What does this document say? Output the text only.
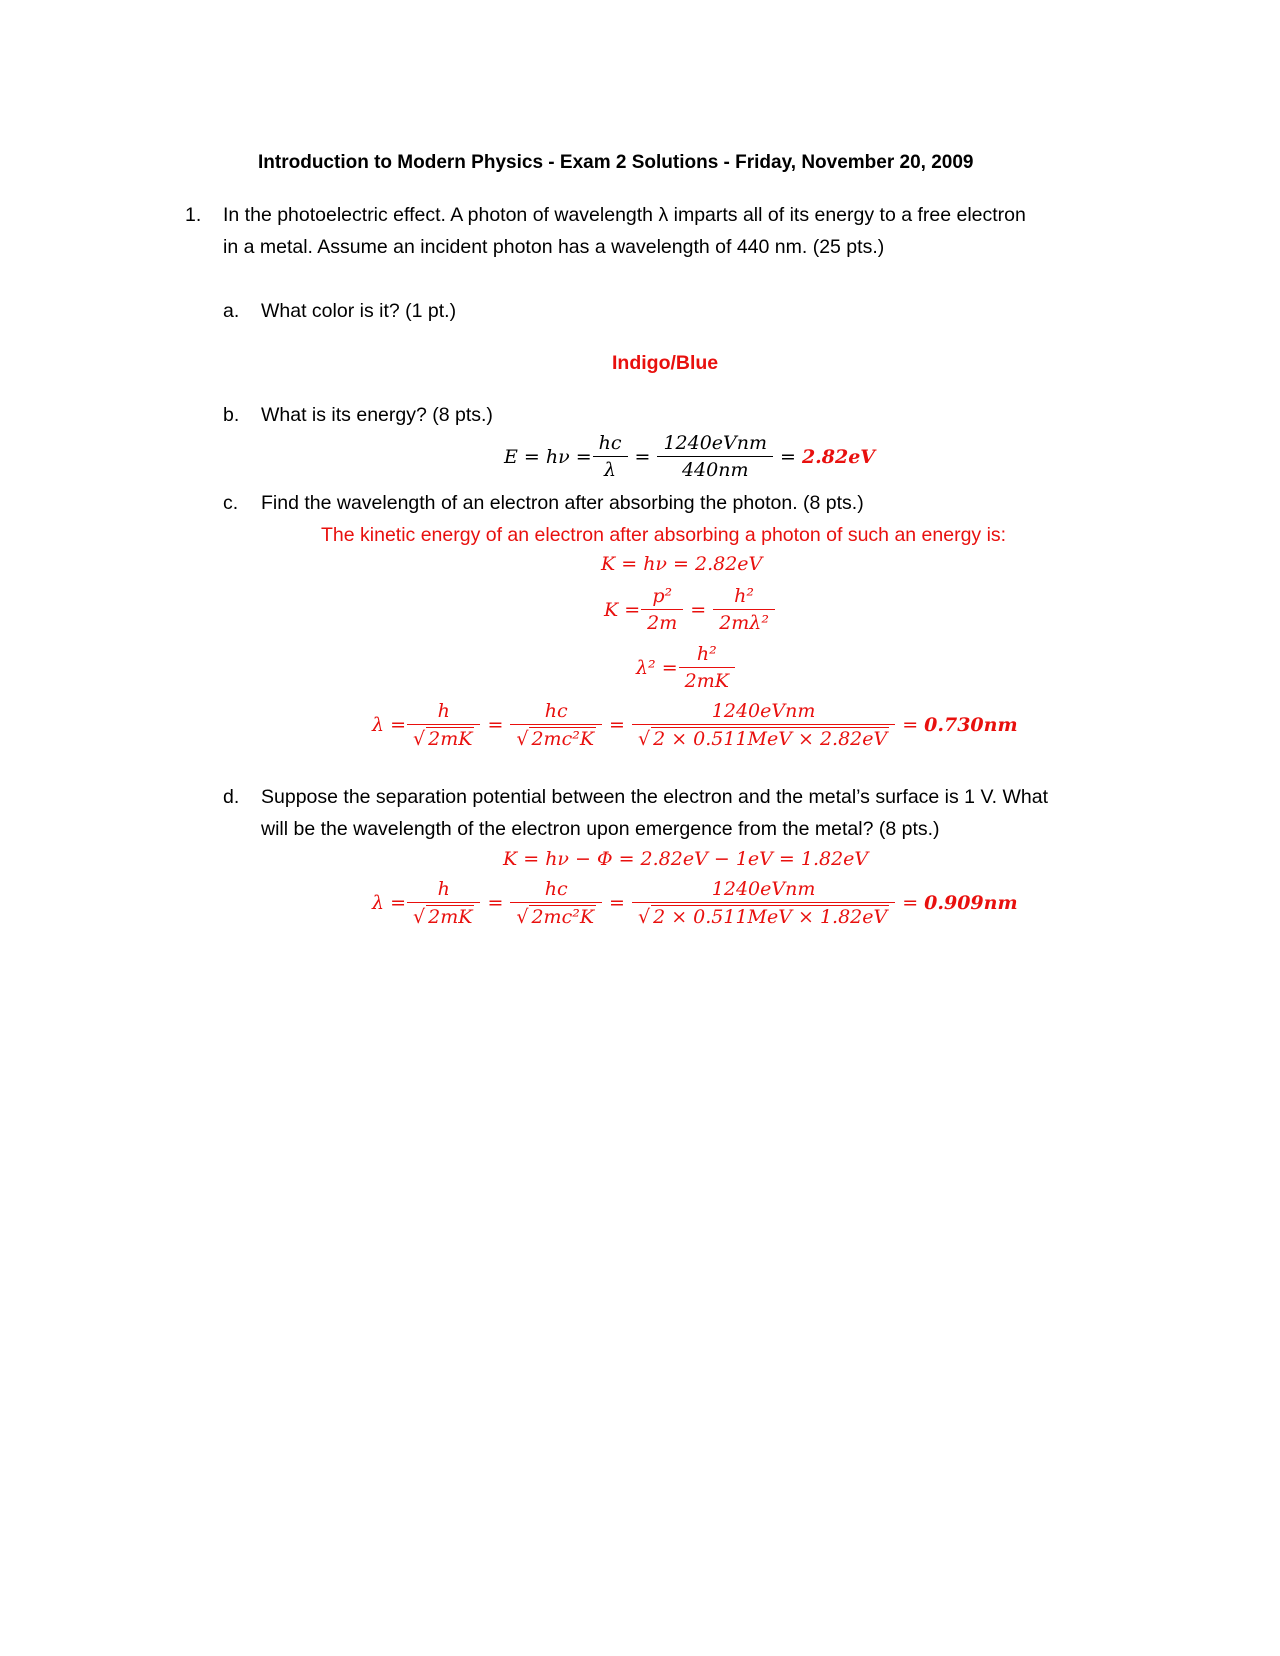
Introduction to Modern Physics - Exam 2 Solutions - Friday, November 20, 2009
1. In the photoelectric effect. A photon of wavelength λ imparts all of its energy to a free electron
in a metal. Assume an incident photon has a wavelength of 440 nm. (25 pts.)
a. What color is it? (1 pt.)
Indigo/Blue
b. What is its energy? (8 pts.)
$E = h\nu = \frac{hc}{\lambda} = \frac{\text{1240eVnm}}{440nm} = 2.82eV$
c. Find the wavelength of an electron after absorbing the photon. (8 pts.)
The kinetic energy of an electron after absorbing a photon of such an energy is:
K = hν = 2.82eV
$K = \frac{\text{p²}}{2m} = \frac{\text{h²}}{\text{2mλ²}}$
$\lambda^2 = \frac{\text{h²}}{2mK}$
$\lambda = \frac{h}{√ 2mK} = \frac{hc}{\text{√ 2mc²K}} = \frac{\text{1240eVnm}}{\text{√ 2 × 0.511MeV × 2.82eV}} = 0.730nm$
d. Suppose the separation potential between the electron and the metal’s surface is 1 V. What
will be the wavelength of the electron upon emergence from the metal? (8 pts.)
K = hν − Φ = 2.82eV − 1eV = 1.82eV
$\lambda = \frac{h}{√ 2mK} = \frac{hc}{\text{√ 2mc²K}} = \frac{\text{1240eVnm}}{\text{√ 2 × 0.511MeV × 1.82eV}} = 0.909nm$
